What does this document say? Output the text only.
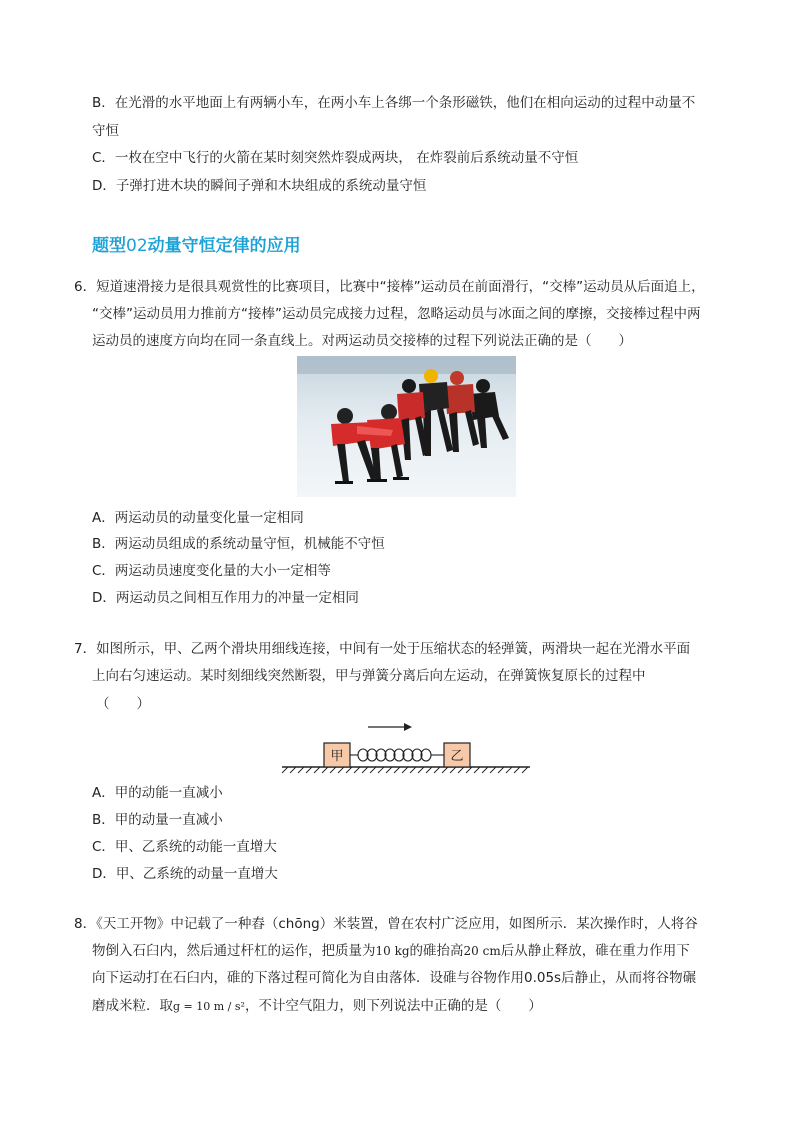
B．在光滑的水平地面上有两辆小车，在两小车上各绑一个条形磁铁，他们在相向运动的过程中动量不
守恒
C．一枚在空中飞行的火箭在某时刻突然炸裂成两块， 在炸裂前后系统动量不守恒
D．子弹打进木块的瞬间子弹和木块组成的系统动量守恒
题型02动量守恒定律的应用
6．短道速滑接力是很具观赏性的比赛项目，比赛中“接棒”运动员在前面滑行，“交棒”运动员从后面追上，
“交棒”运动员用力推前方“接棒”运动员完成接力过程，忽略运动员与冰面之间的摩擦，交接棒过程中两
运动员的速度方向均在同一条直线上。对两运动员交接棒的过程下列说法正确的是（　　）
A．两运动员的动量变化量一定相同
B．两运动员组成的系统动量守恒，机械能不守恒
C．两运动员速度变化量的大小一定相等
D．两运动员之间相互作用力的冲量一定相同
7．如图所示，甲、乙两个滑块用细线连接，中间有一处于压缩状态的轻弹簧，两滑块一起在光滑水平面
上向右匀速运动。某时刻细线突然断裂，甲与弹簧分离后向左运动，在弹簧恢复原长的过程中
（　　）
甲	乙
A．甲的动能一直减小
B．甲的动量一直减小
C．甲、乙系统的动能一直增大
D．甲、乙系统的动量一直增大
8．《天工开物》中记载了一种舂（chōng）米装置，曾在农村广泛应用，如图所示．某次操作时，人将谷
物倒入石臼内，然后通过杆杠的运作，把质量为10 kg的碓抬高20 cm后从静止释放，碓在重力作用下
向下运动打在石臼内，碓的下落过程可简化为自由落体．设碓与谷物作用0.05s后静止，从而将谷物碾
磨成米粒．取g = 10 m / s²，不计空气阻力，则下列说法中正确的是（　　）
